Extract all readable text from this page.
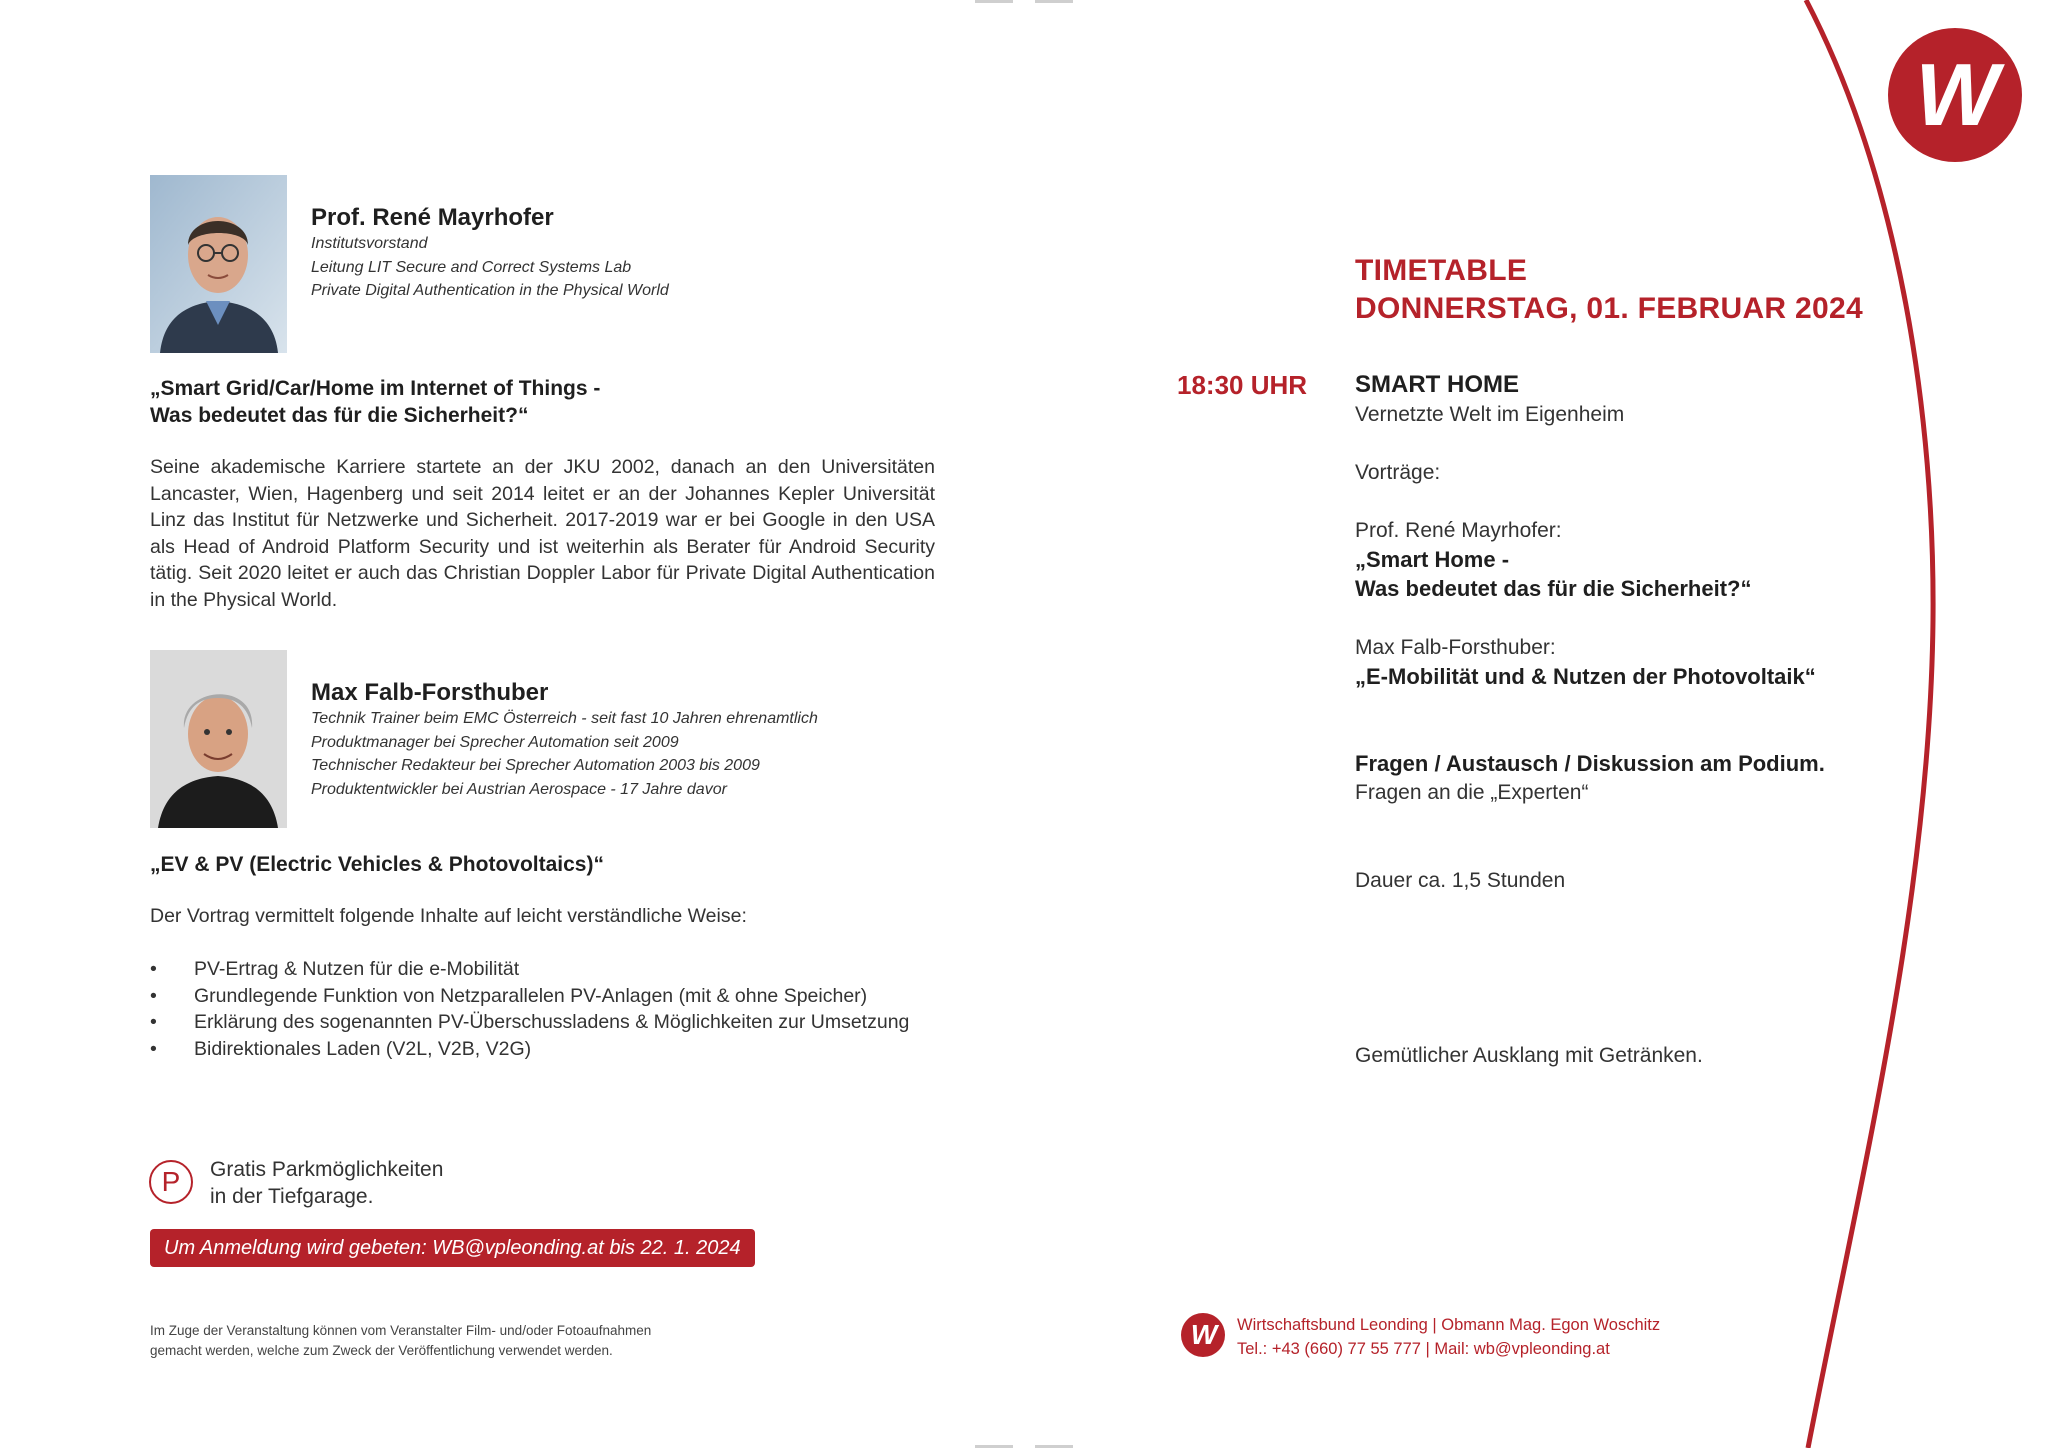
W
Prof. René Mayrhofer
Institutsvorstand
Leitung LIT Secure and Correct Systems Lab
Private Digital Authentication in the Physical World
„Smart Grid/Car/Home im Internet of Things -
Was bedeutet das für die Sicherheit?“
Seine akademische Karriere startete an der JKU 2002, danach an den Universitäten Lancaster, Wien, Hagenberg und seit 2014 leitet er an der Johannes Kepler Universität Linz das Institut für Netzwerke und Sicherheit. 2017-2019 war er bei Google in den USA als Head of Android Platform Security und ist weiterhin als Berater für Android Security tätig. Seit 2020 leitet er auch das Christian Doppler Labor für Private Digital Authentication in the Physical World.
Max Falb-Forsthuber
Technik Trainer beim EMC Österreich - seit fast 10 Jahren ehrenamtlich
Produktmanager bei Sprecher Automation seit 2009
Technischer Redakteur bei Sprecher Automation 2003 bis 2009
Produktentwickler bei Austrian Aerospace - 17 Jahre davor
„EV & PV (Electric Vehicles & Photovoltaics)“
Der Vortrag vermittelt folgende Inhalte auf leicht verständliche Weise:
• PV-Ertrag & Nutzen für die e-Mobilität
• Grundlegende Funktion von Netzparallelen PV-Anlagen (mit & ohne Speicher)
• Erklärung des sogenannten PV-Überschussladens & Möglichkeiten zur Umsetzung
• Bidirektionales Laden (V2L, V2B, V2G)
P Gratis Parkmöglichkeiten
in der Tiefgarage.
Um Anmeldung wird gebeten: WB@vpleonding.at bis 22. 1. 2024
Im Zuge der Veranstaltung können vom Veranstalter Film- und/oder Fotoaufnahmen
gemacht werden, welche zum Zweck der Veröffentlichung verwendet werden.
TIMETABLE
DONNERSTAG, 01. FEBRUAR 2024
18:30 UHR SMART HOME
Vernetzte Welt im Eigenheim
Vorträge:
Prof. René Mayrhofer:
„Smart Home -
Was bedeutet das für die Sicherheit?“
Max Falb-Forsthuber:
„E-Mobilität und & Nutzen der Photovoltaik“
Fragen / Austausch / Diskussion am Podium.
Fragen an die „Experten“
Dauer ca. 1,5 Stunden
Gemütlicher Ausklang mit Getränken.
W Wirtschaftsbund Leonding | Obmann Mag. Egon Woschitz
Tel.: +43 (660) 77 55 777 | Mail: wb@vpleonding.at
